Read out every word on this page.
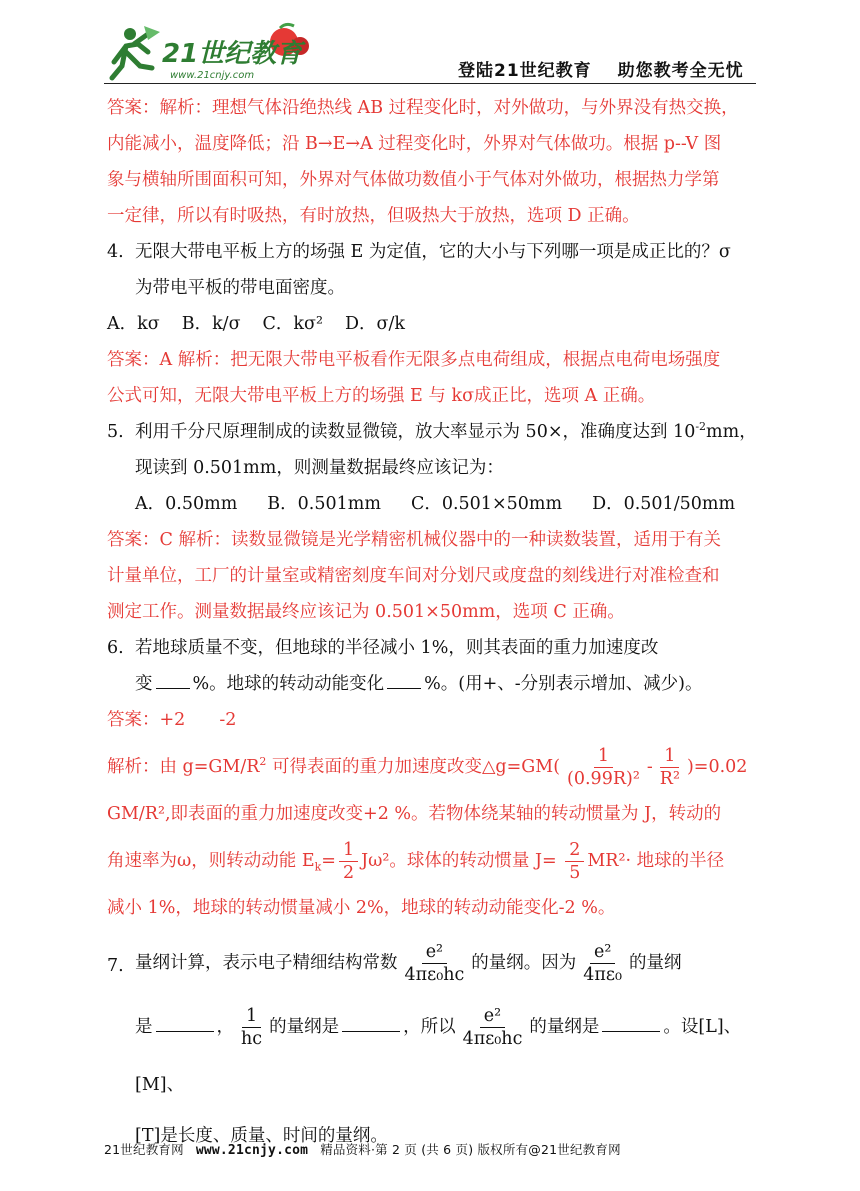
21世纪教育
www.21cnjy.com	登陆21世纪教育 助您教考全无忧

答案：解析：理想气体沿绝热线 AB 过程变化时，对外做功，与外界没有热交换，

内能减小，温度降低；沿 B→E→A 过程变化时，外界对气体做功。根据 p--V 图

象与横轴所围面积可知，外界对气体做功数值小于气体对外做功，根据热力学第

一定律，所以有时吸热，有时放热，但吸热大于放热，选项 D 正确。

4. 无限大带电平板上方的场强 E 为定值，它的大小与下列哪一项是成正比的？σ

为带电平板的带电面密度。

A．kσ B．k/σ C．kσ² D．σ/k

答案：A 解析：把无限大带电平板看作无限多点电荷组成，根据点电荷电场强度

公式可知，无限大带电平板上方的场强 E 与 kσ成正比，选项 A 正确。

5. 利用千分尺原理制成的读数显微镜，放大率显示为 50×，准确度达到 $10^{-2}mm$，

现读到 0.501mm，则测量数据最终应该记为：

A．0.50mm B．0.501mm C．0.501×50mm D．0.501/50mm

答案：C 解析：读数显微镜是光学精密机械仪器中的一种读数装置，适用于有关

计量单位，工厂的计量室或精密刻度车间对分划尺或度盘的刻线进行对准检查和

测定工作。测量数据最终应该记为 0.501×50mm，选项 C 正确。

6. 若地球质量不变，但地球的半径减小 1%，则其表面的重力加速度改

变 %。地球的转动动能变化 %。(用+、-分别表示增加、减少)。

答案：+2 -2

解析：由 $g=GM/R^2$ 可得表面的重力加速度改变△g=GM( $\frac{1}{\text{(0.99R)²}} - \frac{1}{\text{R²}} )=0.02$

GM/R²,即表面的重力加速度改变+2 %。若物体绕某轴的转动惯量为 J，转动的

角速率为ω，则转动动能 $E_k= \frac{1}{2} J\omega^2$。球体的转动惯量 $J= \frac{2}{5} MR^2\cdot$ 地球的半径

减小 1%，地球的转动惯量减小 2%，地球的转动动能变化-2 %。

7. 量纲计算，表示电子精细结构常数 $\frac{\text{e²}}{\text{4πε₀hc}}$ 的量纲。因为 $\frac{\text{e²}}{\text{4πε₀}}$ 的量纲

是	， $\frac{1}{hc}$ 的量纲是	，所以 $\frac{\text{e²}}{\text{4πε₀hc}}$ 的量纲是	。设[L]、[M]、

[T]是长度、质量、时间的量纲。

21世纪教育网 www.21cnjy.com 精品资料·第 2 页 (共 6 页) 版权所有@21世纪教育网
